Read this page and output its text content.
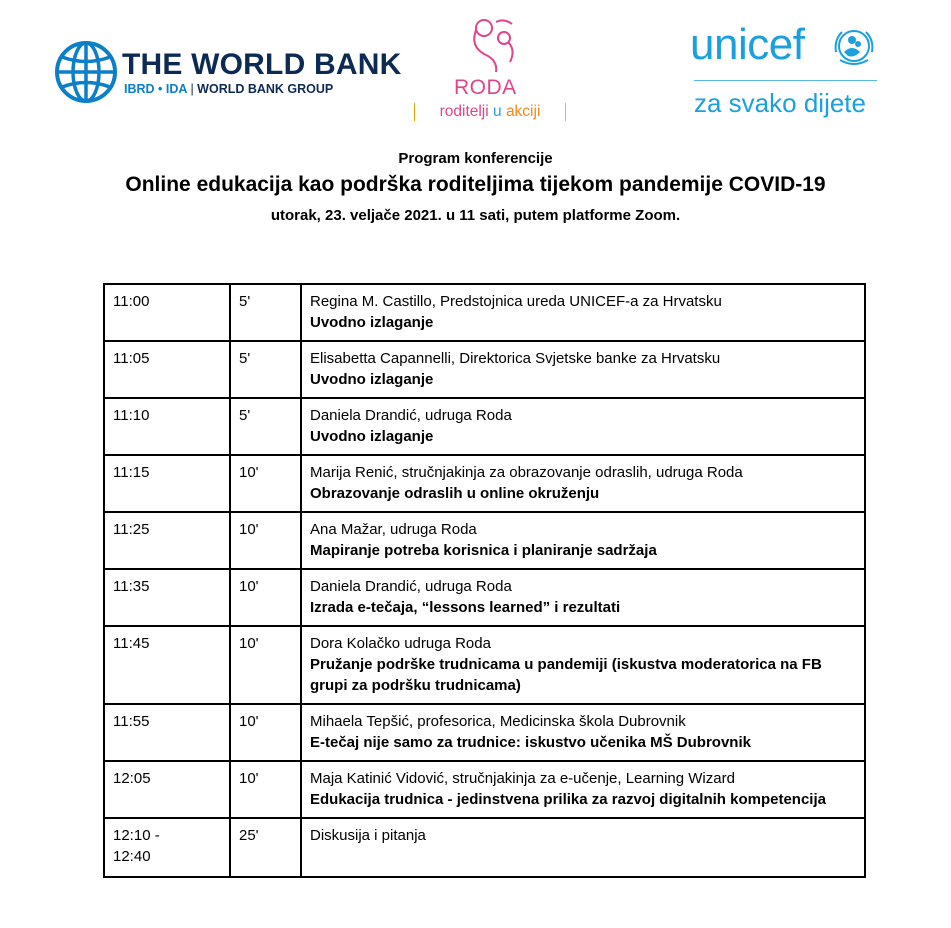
THE WORLD BANK
IBRD • IDA | WORLD BANK GROUP	RODA
roditelji u akciji
unicef
za svako dijete
Program konferencije
Online edukacija kao podrška roditeljima tijekom pandemije COVID-19
utorak, 23. veljače 2021. u 11 sati, putem platforme Zoom.
11:00	5'	Regina M. Castillo, Predstojnica ureda UNICEF-a za Hrvatsku
Uvodno izlaganje

11:05	5'	Elisabetta Capannelli, Direktorica Svjetske banke za Hrvatsku
Uvodno izlaganje

11:10	5'	Daniela Drandić, udruga Roda
Uvodno izlaganje

11:15	10'	Marija Renić, stručnjakinja za obrazovanje odraslih, udruga Roda
Obrazovanje odraslih u online okruženju

11:25	10'	Ana Mažar, udruga Roda
Mapiranje potreba korisnica i planiranje sadržaja

11:35	10'	Daniela Drandić, udruga Roda
Izrada e-tečaja, “lessons learned” i rezultati

11:45	10'	Dora Kolačko udruga Roda
Pružanje podrške trudnicama u pandemiji (iskustva moderatorica na FB grupi za podršku trudnicama)

11:55	10'	Mihaela Tepšić, profesorica, Medicinska škola Dubrovnik
E-tečaj nije samo za trudnice: iskustvo učenika MŠ Dubrovnik

12:05	10'	Maja Katinić Vidović, stručnjakinja za e-učenje, Learning Wizard
Edukacija trudnica - jedinstvena prilika za razvoj digitalnih kompetencija

12:10 - 12:40	25'	Diskusija i pitanja
